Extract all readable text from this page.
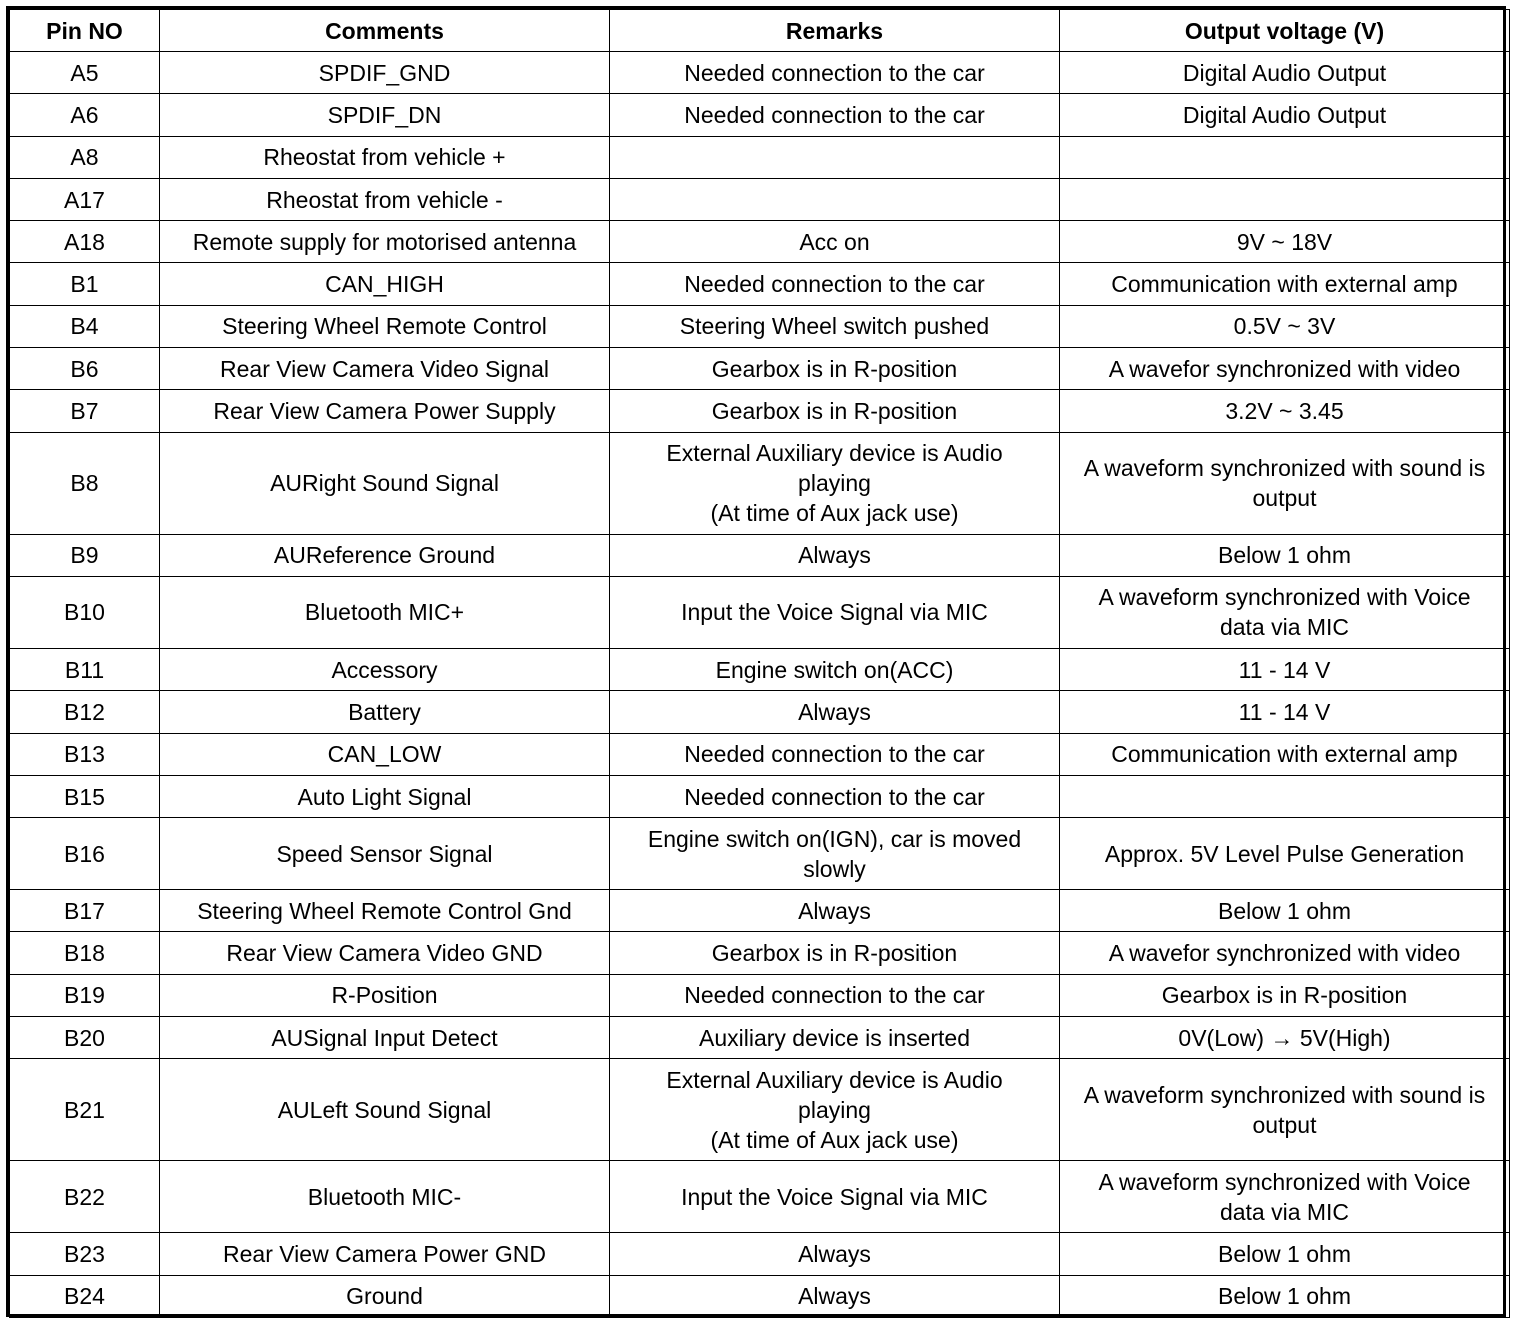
Pin NO	Comments	Remarks	Output voltage (V)
A5	SPDIF_GND	Needed connection to the car	Digital Audio Output
A6	SPDIF_DN	Needed connection to the car	Digital Audio Output
A8	Rheostat from vehicle +		
A17	Rheostat from vehicle -		
A18	Remote supply for motorised antenna	Acc on	9V ~ 18V
B1	CAN_HIGH	Needed connection to the car	Communication with external amp
B4	Steering Wheel Remote Control	Steering Wheel switch pushed	0.5V ~ 3V
B6	Rear View Camera Video Signal	Gearbox is in R-position	A wavefor synchronized with video
B7	Rear View Camera Power Supply	Gearbox is in R-position	3.2V ~ 3.45
B8	AURight Sound Signal	External Auxiliary device is Audio
playing
(At time of Aux jack use)	A waveform synchronized with sound is
output
B9	AUReference Ground	Always	Below 1 ohm
B10	Bluetooth MIC+	Input the Voice Signal via MIC	A waveform synchronized with Voice
data via MIC
B11	Accessory	Engine switch on(ACC)	11 - 14 V
B12	Battery	Always	11 - 14 V
B13	CAN_LOW	Needed connection to the car	Communication with external amp
B15	Auto Light Signal	Needed connection to the car	
B16	Speed Sensor Signal	Engine switch on(IGN), car is moved
slowly	Approx. 5V Level Pulse Generation
B17	Steering Wheel Remote Control Gnd	Always	Below 1 ohm
B18	Rear View Camera Video GND	Gearbox is in R-position	A wavefor synchronized with video
B19	R-Position	Needed connection to the car	Gearbox is in R-position
B20	AUSignal Input Detect	Auxiliary device is inserted	0V(Low) → 5V(High)
B21	AULeft Sound Signal	External Auxiliary device is Audio
playing
(At time of Aux jack use)	A waveform synchronized with sound is
output
B22	Bluetooth MIC-	Input the Voice Signal via MIC	A waveform synchronized with Voice
data via MIC
B23	Rear View Camera Power GND	Always	Below 1 ohm
B24	Ground	Always	Below 1 ohm
